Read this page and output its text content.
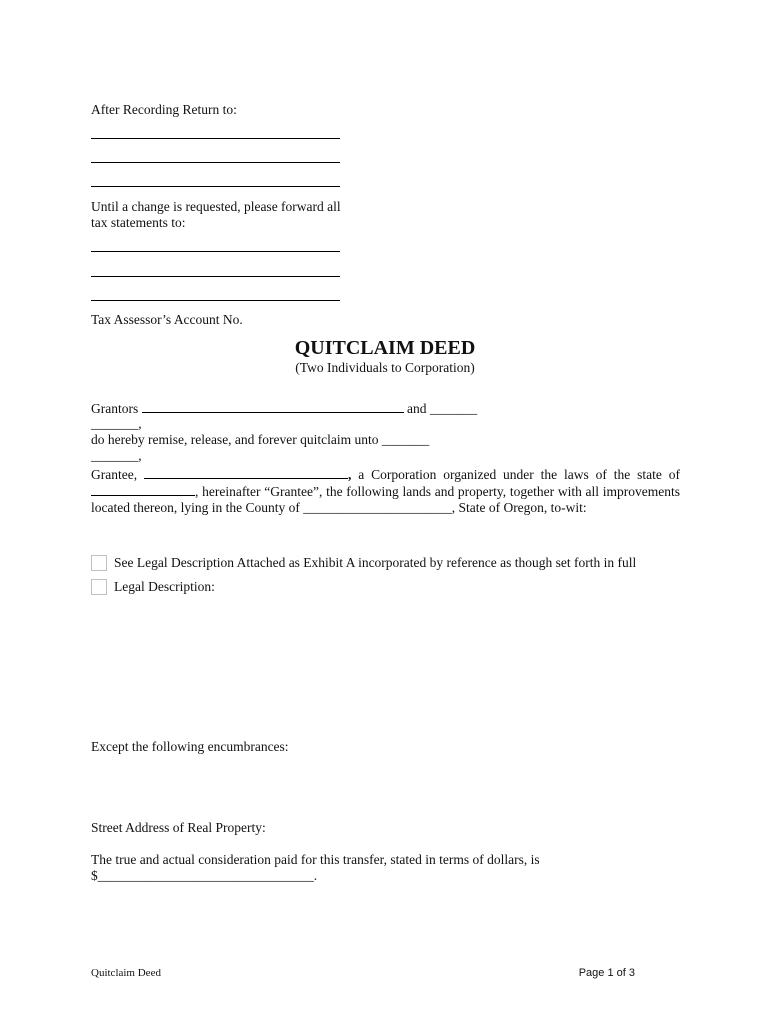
After Recording Return to:
Until a change is requested, please forward all
tax statements to:
Tax Assessor’s Account No.
QUITCLAIM DEED
(Two Individuals to Corporation)
Grantors	and _______
_______,
do hereby remise, release, and forever quitclaim unto _______
_______,
Grantee,	, a Corporation organized under the laws of the state of , hereinafter “Grantee”, the following lands and property, together with all improvements located thereon, lying in the County of ______________________, State of Oregon, to-wit:
See Legal Description Attached as Exhibit A incorporated by reference as though set forth in full
Legal Description:
Except the following encumbrances:
Street Address of Real Property:
The true and actual consideration paid for this transfer, stated in terms of dollars, is
$________________________________.
Quitclaim Deed	Page 1 of 3
